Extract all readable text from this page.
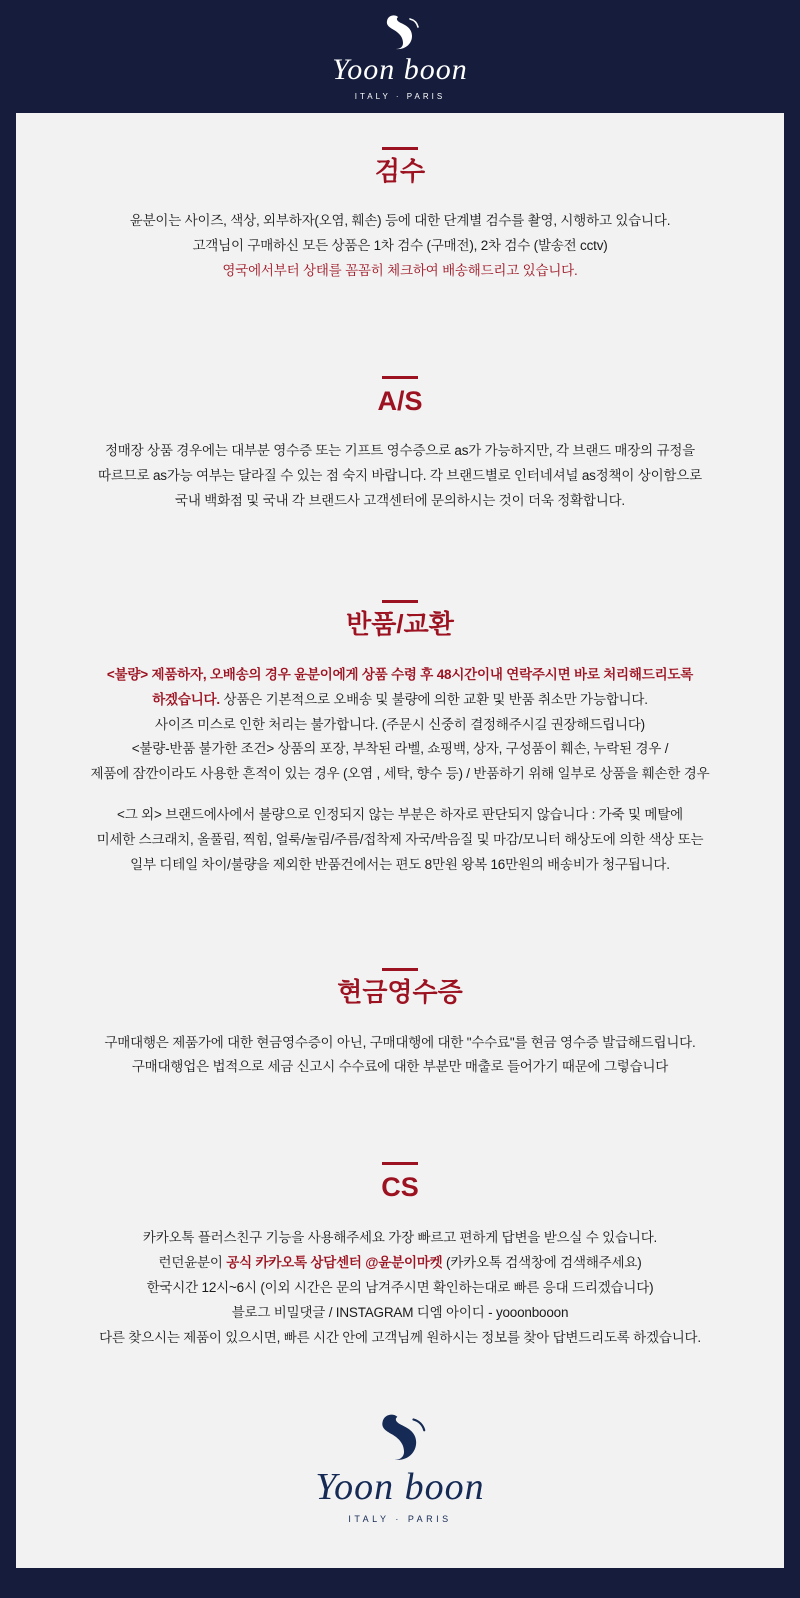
Yoon boon
ITALY · PARIS
검수

윤분이는 사이즈, 색상, 외부하자(오염, 훼손) 등에 대한 단계별 검수를 촬영, 시행하고 있습니다.

고객님이 구매하신 모든 상품은 1차 검수 (구매전), 2차 검수 (발송전 cctv)

영국에서부터 상태를 꼼꼼히 체크하여 배송해드리고 있습니다.

A/S

정매장 상품 경우에는 대부분 영수증 또는 기프트 영수증으로 as가 가능하지만, 각 브랜드 매장의 규정을

따르므로 as가능 여부는 달라질 수 있는 점 숙지 바랍니다. 각 브랜드별로 인터네셔널 as정책이 상이함으로

국내 백화점 및 국내 각 브랜드사 고객센터에 문의하시는 것이 더욱 정확합니다.

반품/교환

<불량> 제품하자, 오배송의 경우 윤분이에게 상품 수령 후 48시간이내 연락주시면 바로 처리해드리도록

하겠습니다. 상품은 기본적으로 오배송 및 불량에 의한 교환 및 반품 취소만 가능합니다.

사이즈 미스로 인한 처리는 불가합니다. (주문시 신중히 결정해주시길 권장해드립니다)

<불량-반품 불가한 조건> 상품의 포장, 부착된 라벨, 쇼핑백, 상자, 구성품이 훼손, 누락된 경우 /

제품에 잠깐이라도 사용한 흔적이 있는 경우 (오염 , 세탁, 향수 등) / 반품하기 위해 일부로 상품을 훼손한 경우

<그 외> 브랜드에사에서 불량으로 인정되지 않는 부분은 하자로 판단되지 않습니다 : 가죽 및 메탈에

미세한 스크래치, 올풀림, 찍힘, 얼룩/눌림/주름/접착제 자국/박음질 및 마감/모니터 해상도에 의한 색상 또는

일부 디테일 차이/불량을 제외한 반품건에서는 편도 8만원 왕복 16만원의 배송비가 청구됩니다.

현금영수증

구매대행은 제품가에 대한 현금영수증이 아닌, 구매대행에 대한 "수수료"를 현금 영수증 발급해드립니다.

구매대행업은 법적으로 세금 신고시 수수료에 대한 부분만 매출로 들어가기 때문에 그렇습니다

CS

카카오톡 플러스친구 기능을 사용해주세요 가장 빠르고 편하게 답변을 받으실 수 있습니다.

런던윤분이 공식 카카오톡 상담센터 @윤분이마켓 (카카오톡 검색창에 검색해주세요)

한국시간 12시~6시 (이외 시간은 문의 남겨주시면 확인하는대로 빠른 응대 드리겠습니다)

블로그 비밀댓글 / INSTAGRAM 디엠 아이디 - yooonbooon

다른 찾으시는 제품이 있으시면, 빠른 시간 안에 고객님께 원하시는 정보를 찾아 답변드리도록 하겠습니다.

Yoon boon
ITALY · PARIS
